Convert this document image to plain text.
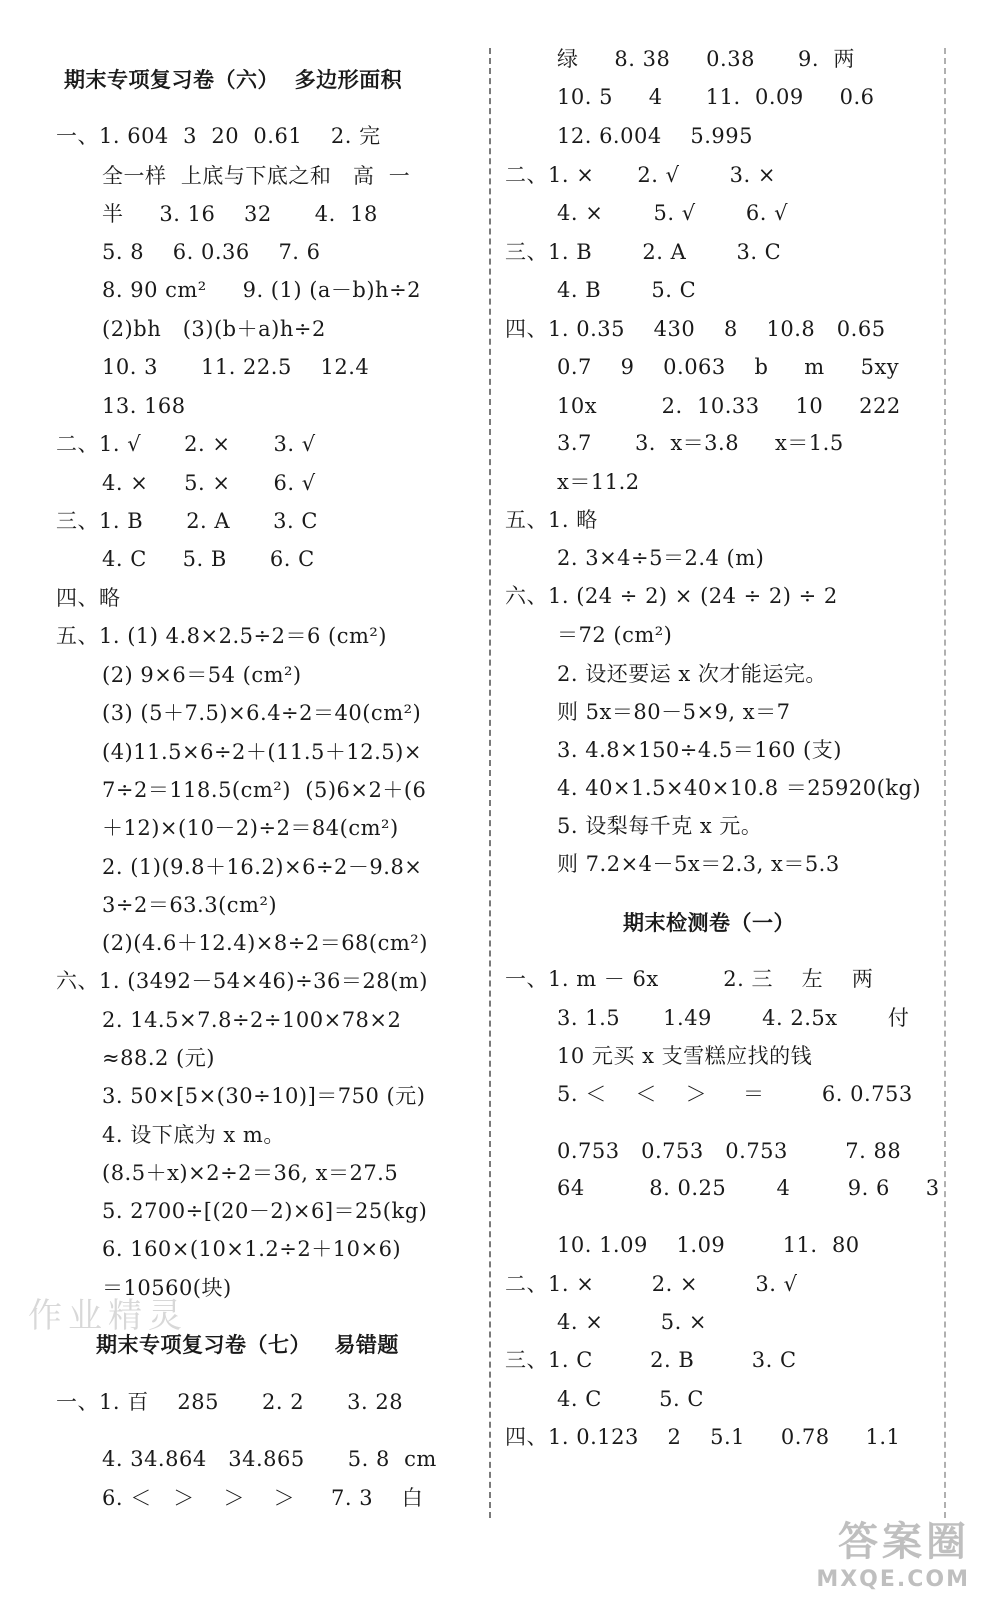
期末专项复习卷（六）  多边形面积
一、1. 604  3  20  0.61    2. 完
全一样  上底与下底之和   高  一
半     3. 16    32      4.  18
5. 8    6. 0.36    7. 6
8. 90 cm²     9. (1) (a－b)h÷2
(2)bh   (3)(b＋a)h÷2
10. 3      11. 22.5    12.4
13. 168
二、1. √      2. ×      3. √
4. ×     5. ×      6. √
三、1. B      2. A      3. C
4. C     5. B      6. C
四、略
五、1. (1) 4.8×2.5÷2＝6 (cm²)
(2) 9×6＝54 (cm²)
(3) (5＋7.5)×6.4÷2＝40(cm²)
(4)11.5×6÷2＋(11.5＋12.5)×
7÷2＝118.5(cm²)  (5)6×2＋(6
＋12)×(10－2)÷2＝84(cm²)
2. (1)(9.8＋16.2)×6÷2－9.8×
3÷2＝63.3(cm²)
(2)(4.6＋12.4)×8÷2＝68(cm²)
六、1. (3492－54×46)÷36＝28(m)
2. 14.5×7.8÷2÷100×78×2
≈88.2 (元)
3. 50×[5×(30÷10)]＝750 (元)
4. 设下底为 x m。
(8.5＋x)×2÷2＝36, x＝27.5
5. 2700÷[(20－2)×6]＝25(kg)
6. 160×(10×1.2÷2＋10×6)
＝10560(块)
期末专项复习卷（七）   易错题
一、1. 百    285      2. 2      3. 28
4. 34.864   34.865      5. 8  cm
6. ＜   ＞    ＞    ＞     7. 3    白
绿     8. 38     0.38      9.  两
10. 5     4      11.  0.09     0.6
12. 6.004    5.995
二、1. ×      2. √       3. ×
4. ×       5. √       6. √
三、1. B       2. A       3. C
4. B       5. C
四、1. 0.35    430    8    10.8   0.65
0.7    9    0.063    b     m     5xy
10x         2.  10.33     10     222
3.7      3.  x＝3.8     x＝1.5
x＝11.2
五、1. 略
2. 3×4÷5＝2.4 (m)
六、1. (24 ÷ 2) × (24 ÷ 2) ÷ 2
＝72 (cm²)
2. 设还要运 x 次才能运完。
则 5x＝80－5×9, x＝7
3. 4.8×150÷4.5＝160 (支)
4. 40×1.5×40×10.8 ＝25920(kg)
5. 设梨每千克 x 元。
则 7.2×4－5x＝2.3, x＝5.3
期末检测卷（一）
一、1. m － 6x         2. 三    左    两
3. 1.5      1.49       4. 2.5x       付
10 元买 x 支雪糕应找的钱
5. ＜    ＜    ＞     ＝        6. 0.753
0.753   0.753   0.753        7. 88
64         8. 0.25       4        9. 6     3
10. 1.09    1.09        11.  80
二、1. ×        2. ×        3. √
4. ×        5. ×
三、1. C        2. B        3. C
4. C        5. C
四、1. 0.123    2    5.1     0.78     1.1
作业精灵
答案圈
MXQE.COM
